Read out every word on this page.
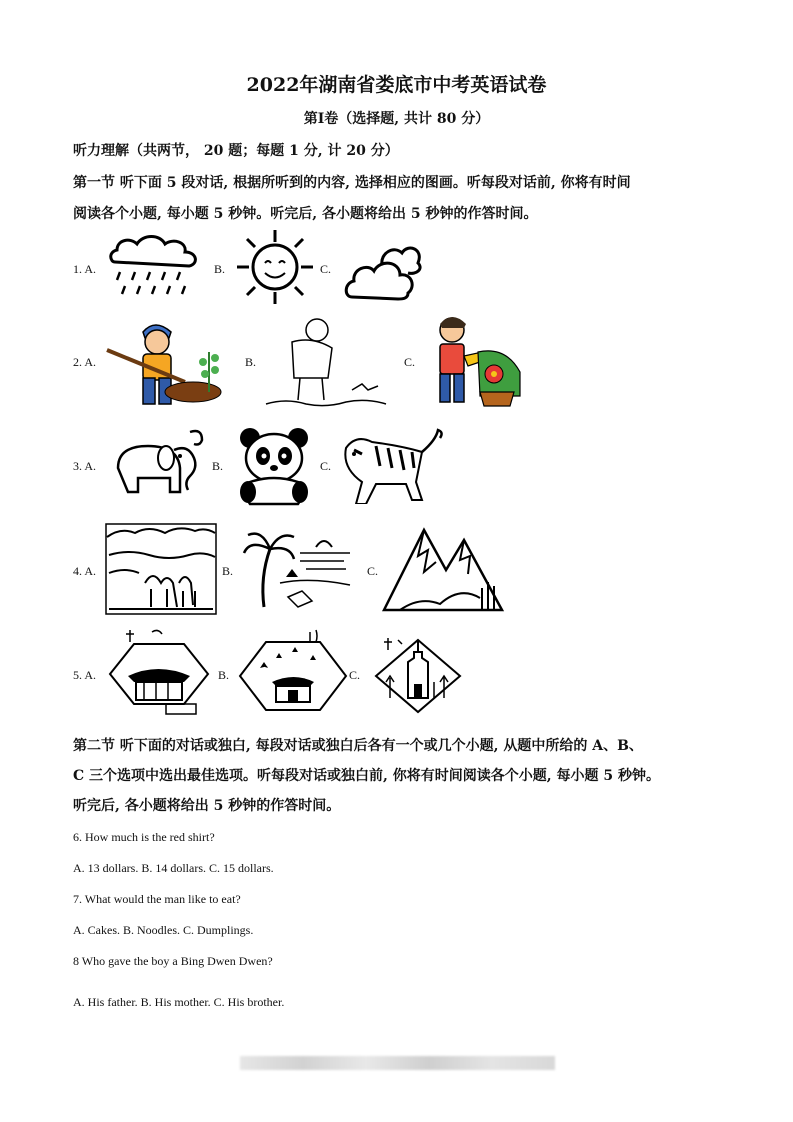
2022年湖南省娄底市中考英语试卷
第Ⅰ卷（选择题, 共计 80 分）
听力理解（共两节， 20 题；每题 1 分, 计 20 分）
第一节 听下面 5 段对话, 根据所听到的内容, 选择相应的图画。听每段对话前, 你将有时间
阅读各个小题, 每小题 5 秒钟。听完后, 各小题将给出 5 秒钟的作答时间。
1. A.	B.	C.
2. A.	B.	C.
3. A.	B.	C.
4. A.	B.	C.
5. A.	B.	C.
第二节 听下面的对话或独白, 每段对话或独白后各有一个或几个小题, 从题中所给的 A、B、
C 三个选项中选出最佳选项。听每段对话或独白前, 你将有时间阅读各个小题, 每小题 5 秒钟。
听完后, 各小题将给出 5 秒钟的作答时间。
6. How much is the red shirt?
A. 13 dollars. B. 14 dollars. C. 15 dollars.
7. What would the man like to eat?
A. Cakes. B. Noodles. C. Dumplings.
8 Who gave the boy a Bing Dwen Dwen?
A. His father. B. His mother. C. His brother.
